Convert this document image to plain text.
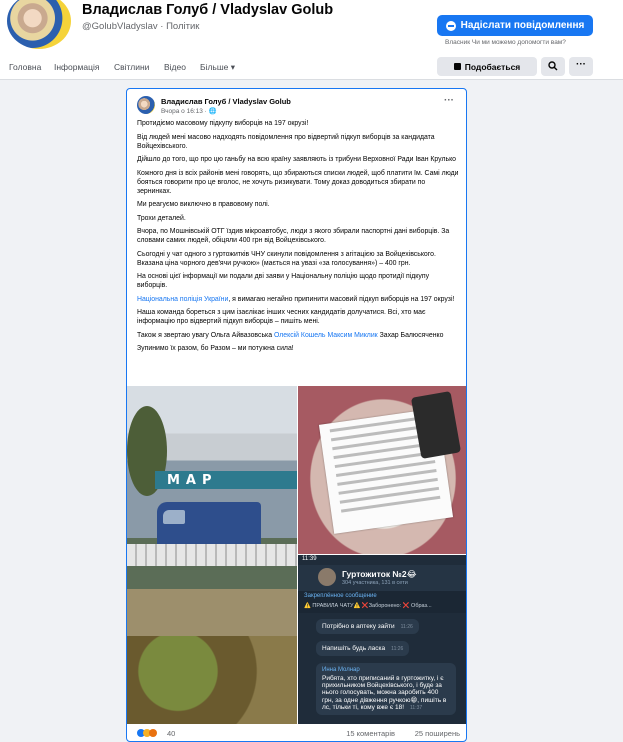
Владислав Голуб / Vladyslav Golub
@GolubVladyslav · Політик	Надіслати повідомлення
Власник Чи ми можемо допомогти вам?
Головна Інформація Світлини Відео Більше ▾	Подобається	···
Владислав Голуб / Vladyslav Golub
Вчора о 16:13 · 🌐
···

Протидіємо масовому підкупу виборців на 197 окрузі!

Від людей мені масово надходять повідомлення про відвертий підкуп виборців за кандидата Войцехівського.

Дійшло до того, що про цю ганьбу на всю країну заявляють із трибуни Верховної Ради Іван Крулько

Кожного дня із всіх районів мені говорять, що збираються списки людей, щоб платити їм. Самі люди бояться говорити про це вголос, не хочуть ризикувати. Тому доказ доводиться збирати по зернинках.

Ми реагуємо виключно в правовому полі.

Трохи деталей.

Вчора, по Мошнівській ОТГ їздив мікроавтобус, люди з якого збирали паспортні дані виборців. За словами самих людей, обіцяли 400 грн від Войцехівського.

Сьогодні у чат одного з гуртожитків ЧНУ скинули повідомлення з агітацією за Войцехівського. Вказана ціна чорного дев'ячи ручкою» (мається на увазі «за голосування») – 400 грн.

На основі цієї інформації ми подали дві заяви у Національну поліцію щодо протидії підкупу виборців.

Національна поліція України, я вимагаю негайно припинити масовий підкуп виборців на 197 окрузі!

Наша команда бореться з цим ізаєлікає інших чесних кандидатів долучатися. Всі, хто має інформацію про відвертий підкуп виборців – пишіть мені.

Також я звертаю увагу Ольга Айвазовська Олексій Кошель Максим Миклик Захар Балюсяченко

Зупинимо їх разом, бо Разом – ми потужна сила!

МАР
11:39
Гуртожиток №2😂
304 участника, 131 в сети
Закреплённое сообщение
⚠️ ПРАВИЛА ЧАТУ⚠️ ❌Заборонено: ❌ Образ...
Потрібно в аптеку зайти 11:26
Напишіть будь ласка 11:26
Инна Молнар
Рибята, хто приписаний в гуртожитку, і є прихильником Войцехівського, і буде за нього голосувать, можна заробить 400 грн, за одне дівження ручкою😁, пишіть в лс, тільки ті, кому вже є 18! 11:37
40	15 коментарів	25 поширень
